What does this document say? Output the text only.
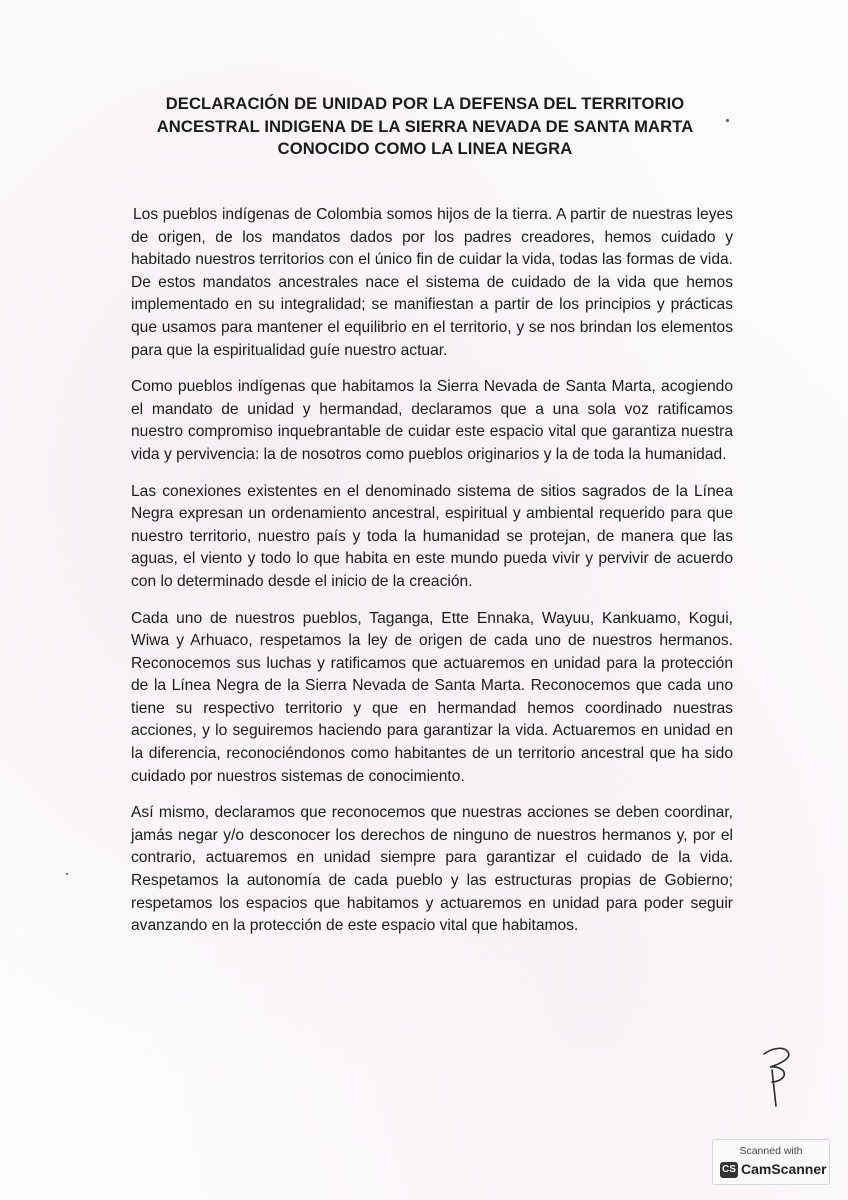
DECLARACIÓN DE UNIDAD POR LA DEFENSA DEL TERRITORIO
ANCESTRAL INDIGENA DE LA SIERRA NEVADA DE SANTA MARTA
CONOCIDO COMO LA LINEA NEGRA

Los pueblos indígenas de Colombia somos hijos de la tierra. A partir de nuestras leyes de origen, de los mandatos dados por los padres creadores, hemos cuidado y habitado nuestros territorios con el único fin de cuidar la vida, todas las formas de vida. De estos mandatos ancestrales nace el sistema de cuidado de la vida que hemos implementado en su integralidad; se manifiestan a partir de los principios y prácticas que usamos para mantener el equilibrio en el territorio, y se nos brindan los elementos para que la espiritualidad guíe nuestro actuar.

Como pueblos indígenas que habitamos la Sierra Nevada de Santa Marta, acogiendo el mandato de unidad y hermandad, declaramos que a una sola voz ratificamos nuestro compromiso inquebrantable de cuidar este espacio vital que garantiza nuestra vida y pervivencia: la de nosotros como pueblos originarios y la de toda la humanidad.

Las conexiones existentes en el denominado sistema de sitios sagrados de la Línea Negra expresan un ordenamiento ancestral, espiritual y ambiental requerido para que nuestro territorio, nuestro país y toda la humanidad se protejan, de manera que las aguas, el viento y todo lo que habita en este mundo pueda vivir y pervivir de acuerdo con lo determinado desde el inicio de la creación.

Cada uno de nuestros pueblos, Taganga, Ette Ennaka, Wayuu, Kankuamo, Kogui, Wiwa y Arhuaco, respetamos la ley de origen de cada uno de nuestros hermanos. Reconocemos sus luchas y ratificamos que actuaremos en unidad para la protección de la Línea Negra de la Sierra Nevada de Santa Marta. Reconocemos que cada uno tiene su respectivo territorio y que en hermandad hemos coordinado nuestras acciones, y lo seguiremos haciendo para garantizar la vida. Actuaremos en unidad en la diferencia, reconociéndonos como habitantes de un territorio ancestral que ha sido cuidado por nuestros sistemas de conocimiento.

Así mismo, declaramos que reconocemos que nuestras acciones se deben coordinar, jamás negar y/o desconocer los derechos de ninguno de nuestros hermanos y, por el contrario, actuaremos en unidad siempre para garantizar el cuidado de la vida. Respetamos la autonomía de cada pueblo y las estructuras propias de Gobierno; respetamos los espacios que habitamos y actuaremos en unidad para poder seguir avanzando en la protección de este espacio vital que habitamos.

Scanned with
CS CamScanner
